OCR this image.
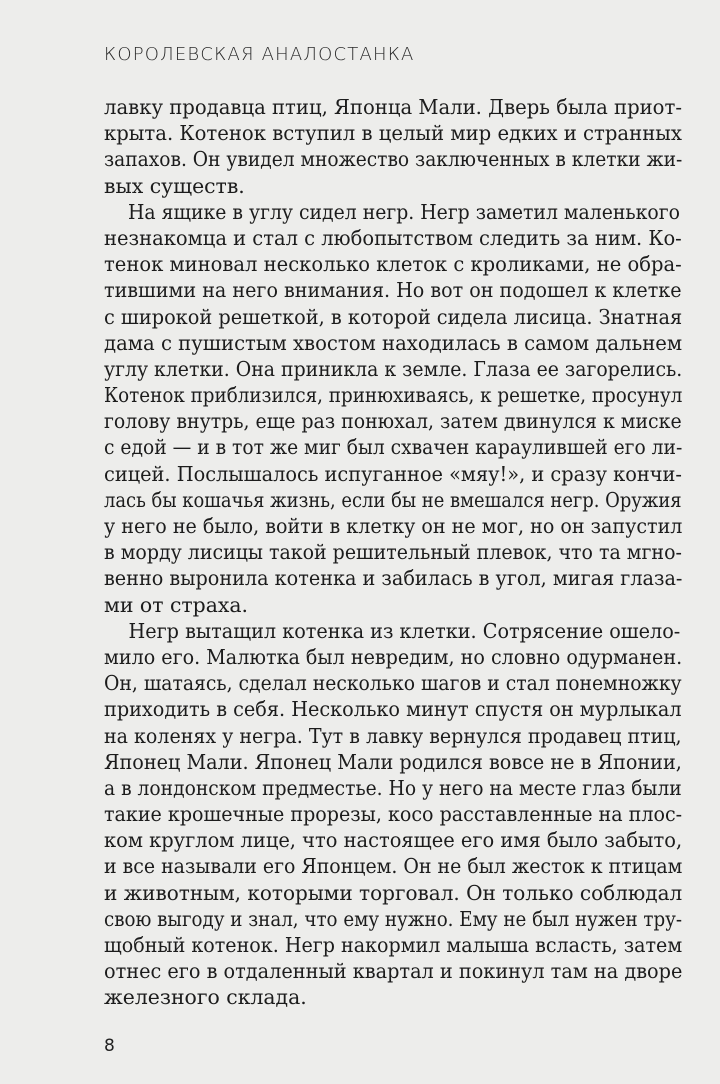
КОРОЛЕВСКАЯ АНАЛОСТАНКА
лавку продавца птиц, Японца Мали. Дверь была приот-
крыта. Котенок вступил в целый мир едких и странных
запахов. Он увидел множество заключенных в клетки жи-
вых существ.
На ящике в углу сидел негр. Негр заметил маленького
незнакомца и стал с любопытством следить за ним. Ко-
тенок миновал несколько клеток с кроликами, не обра-
тившими на него внимания. Но вот он подошел к клетке
с широкой решеткой, в которой сидела лисица. Знатная
дама с пушистым хвостом находилась в самом дальнем
углу клетки. Она приникла к земле. Глаза ее загорелись.
Котенок приблизился, принюхиваясь, к решетке, просунул
голову внутрь, еще раз понюхал, затем двинулся к миске
с едой — и в тот же миг был схвачен караулившей его ли-
сицей. Послышалось испуганное «мяу!», и сразу кончи-
лась бы кошачья жизнь, если бы не вмешался негр. Оружия
у него не было, войти в клетку он не мог, но он запустил
в морду лисицы такой решительный плевок, что та мгно-
венно выронила котенка и забилась в угол, мигая глаза-
ми от страха.
Негр вытащил котенка из клетки. Сотрясение ошело-
мило его. Малютка был невредим, но словно одурманен.
Он, шатаясь, сделал несколько шагов и стал понемножку
приходить в себя. Несколько минут спустя он мурлыкал
на коленях у негра. Тут в лавку вернулся продавец птиц,
Японец Мали. Японец Мали родился вовсе не в Японии,
а в лондонском предместье. Но у него на месте глаз были
такие крошечные прорезы, косо расставленные на плос-
ком круглом лице, что настоящее его имя было забыто,
и все называли его Японцем. Он не был жесток к птицам
и животным, которыми торговал. Он только соблюдал
свою выгоду и знал, что ему нужно. Ему не был нужен тру-
щобный котенок. Негр накормил малыша всласть, затем
отнес его в отдаленный квартал и покинул там на дворе
железного склада.
8
